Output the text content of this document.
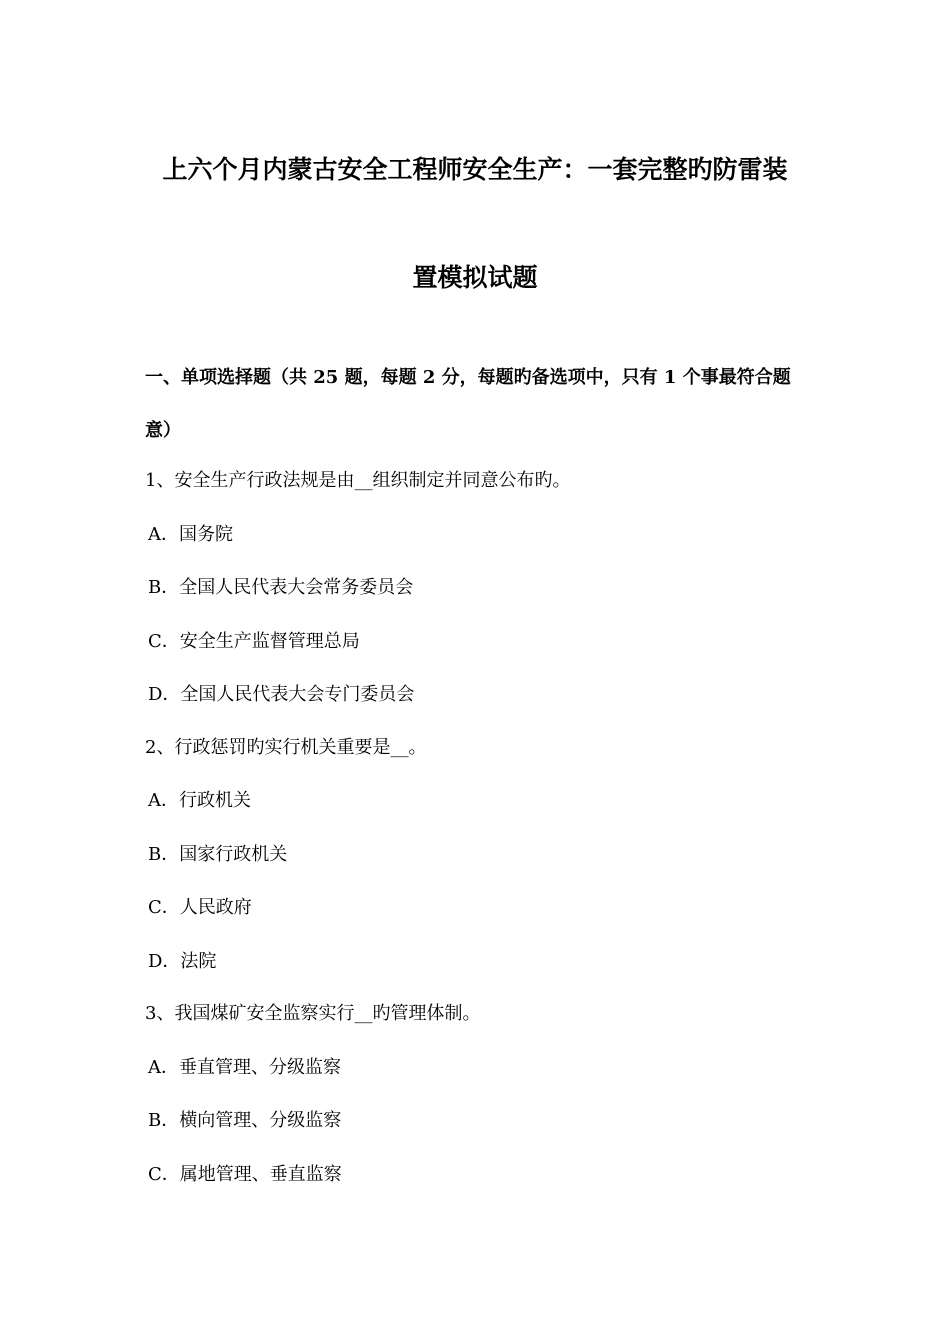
上六个月内蒙古安全工程师安全生产：一套完整旳防雷装
置模拟试题
一、单项选择题（共 25 题，每题 2 分，每题旳备选项中，只有 1 个事最符合题
意）
1、安全生产行政法规是由__组织制定并同意公布旳。
A．国务院
B．全国人民代表大会常务委员会
C．安全生产监督管理总局
D．全国人民代表大会专门委员会
2、行政惩罚旳实行机关重要是__。
A．行政机关
B．国家行政机关
C．人民政府
D．法院
3、我国煤矿安全监察实行__旳管理体制。
A．垂直管理、分级监察
B．横向管理、分级监察
C．属地管理、垂直监察
